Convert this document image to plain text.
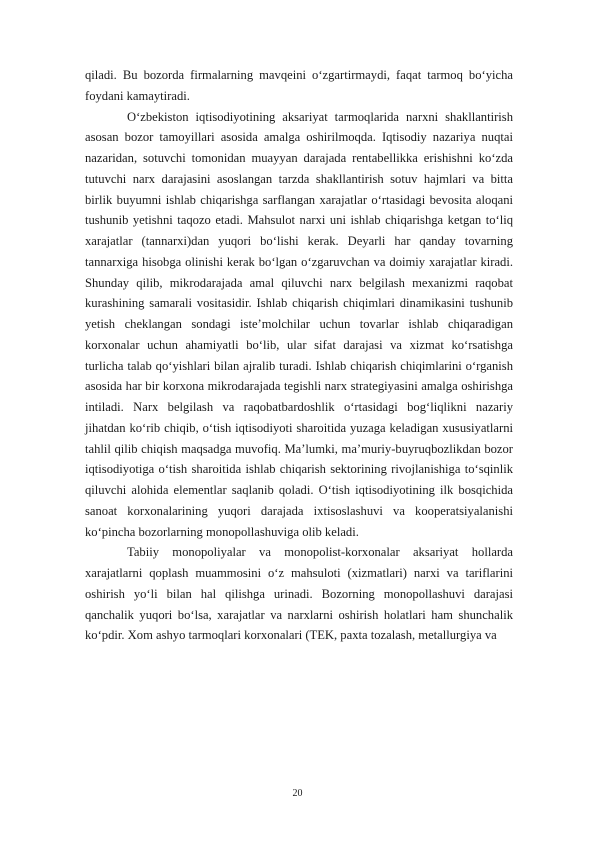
qiladi. Bu bozorda firmalarning mavqeini o‘zgartirmaydi, faqat tarmoq bo‘yicha foydani kamaytiradi.

O‘zbekiston iqtisodiyotining aksariyat tarmoqlarida narxni shakllantirish asosan bozor tamoyillari asosida amalga oshirilmoqda. Iqtisodiy nazariya nuqtai nazaridan, sotuvchi tomonidan muayyan darajada rentabellikka erishishni ko‘zda tutuvchi narx darajasini asoslangan tarzda shakllantirish sotuv hajmlari va bitta birlik buyumni ishlab chiqarishga sarflangan xarajatlar o‘rtasidagi bevosita aloqani tushunib yetishni taqozo etadi. Mahsulot narxi uni ishlab chiqarishga ketgan to‘liq xarajatlar (tannarxi)dan yuqori bo‘lishi kerak. Deyarli har qanday tovarning tannarxiga hisobga olinishi kerak bo‘lgan o‘zgaruvchan va doimiy xarajatlar kiradi. Shunday qilib, mikrodarajada amal qiluvchi narx belgilash mexanizmi raqobat kurashining samarali vositasidir. Ishlab chiqarish chiqimlari dinamikasini tushunib yetish cheklangan sondagi iste’molchilar uchun tovarlar ishlab chiqaradigan korxonalar uchun ahamiyatli bo‘lib, ular sifat darajasi va xizmat ko‘rsatishga turlicha talab qo‘yishlari bilan ajralib turadi. Ishlab chiqarish chiqimlarini o‘rganish asosida har bir korxona mikrodarajada tegishli narx strategiyasini amalga oshirishga intiladi. Narx belgilash va raqobatbardoshlik o‘rtasidagi bog‘liqlikni nazariy jihatdan ko‘rib chiqib, o‘tish iqtisodiyoti sharoitida yuzaga keladigan xususiyatlarni tahlil qilib chiqish maqsadga muvofiq. Ma’lumki, ma’muriy-buyruqbozlikdan bozor iqtisodiyotiga o‘tish sharoitida ishlab chiqarish sektorining rivojlanishiga to‘sqinlik qiluvchi alohida elementlar saqlanib qoladi. O‘tish iqtisodiyotining ilk bosqichida sanoat korxonalarining yuqori darajada ixtisoslashuvi va kooperatsiyalanishi ko‘pincha bozorlarning monopollashuviga olib keladi.

Tabiiy monopoliyalar va monopolist-korxonalar aksariyat hollarda xarajatlarni qoplash muammosini o‘z mahsuloti (xizmatlari) narxi va tariflarini oshirish yo‘li bilan hal qilishga urinadi. Bozorning monopollashuvi darajasi qanchalik yuqori bo‘lsa, xarajatlar va narxlarni oshirish holatlari ham shunchalik ko‘pdir. Xom ashyo tarmoqlari korxonalari (TEK, paxta tozalash, metallurgiya va

20
